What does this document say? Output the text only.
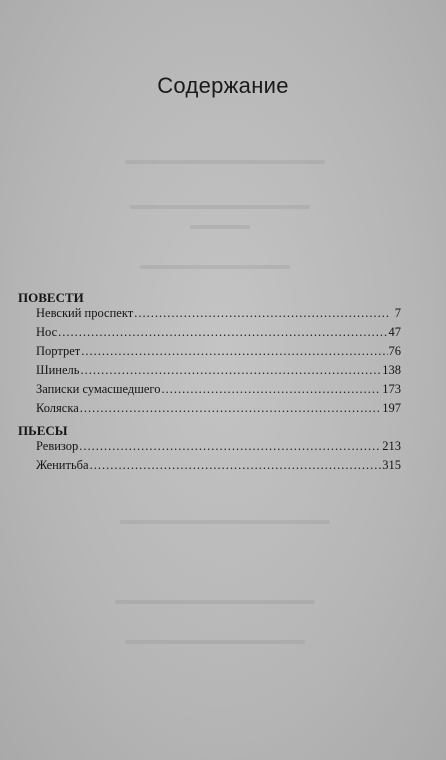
Содержание
ПОВЕСТИ
Невский проспект .....	7
Нос .....	47
Портрет .....	76
Шинель .....	138
Записки сумасшедшего .....	173
Коляска .....	197
ПЬЕСЫ
Ревизор .....	213
Женитьба .....	315
